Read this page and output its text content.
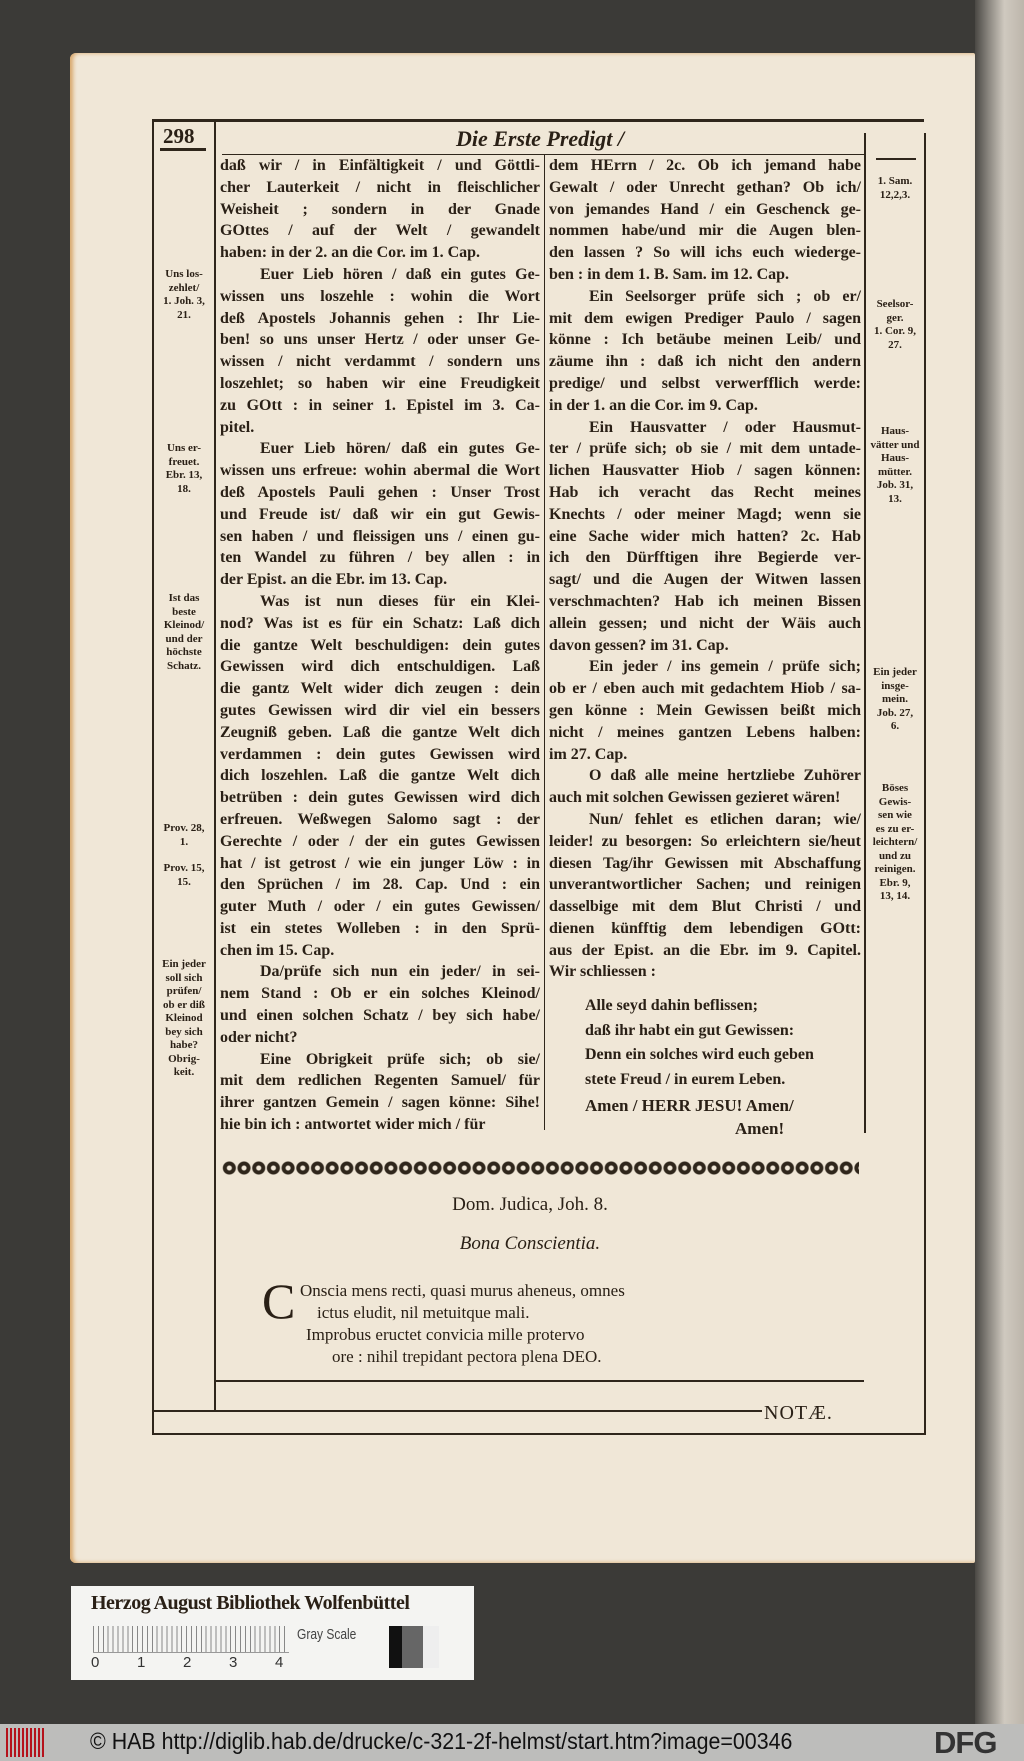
298	Die Erste Predigt /
daß wir / in Einfältigkeit / und Göttli-
cher Lauterkeit / nicht in fleischlicher
Weisheit ; sondern in der Gnade
GOttes / auf der Welt / gewandelt
haben: in der 2. an die Cor. im 1. Cap.
Euer Lieb hören / daß ein gutes Ge-
wissen uns loszehle : wohin die Wort
deß Apostels Johannis gehen : Ihr Lie-
ben! so uns unser Hertz / oder unser Ge-
wissen / nicht verdammt / sondern uns
loszehlet; so haben wir eine Freudigkeit
zu GOtt : in seiner 1. Epistel im 3. Ca-
pitel.
Euer Lieb hören/ daß ein gutes Ge-
wissen uns erfreue: wohin abermal die Wort
deß Apostels Pauli gehen : Unser Trost
und Freude ist/ daß wir ein gut Gewis-
sen haben / und fleissigen uns / einen gu-
ten Wandel zu führen / bey allen : in
der Epist. an die Ebr. im 13. Cap.
Was ist nun dieses für ein Klei-
nod? Was ist es für ein Schatz: Laß dich
die gantze Welt beschuldigen: dein gutes
Gewissen wird dich entschuldigen. Laß
die gantz Welt wider dich zeugen : dein
gutes Gewissen wird dir viel ein bessers
Zeugniß geben. Laß die gantze Welt dich
verdammen : dein gutes Gewissen wird
dich loszehlen. Laß die gantze Welt dich
betrüben : dein gutes Gewissen wird dich
erfreuen. Weßwegen Salomo sagt : der
Gerechte / oder / der ein gutes Gewissen
hat / ist getrost / wie ein junger Löw : in
den Sprüchen / im 28. Cap. Und : ein
guter Muth / oder / ein gutes Gewissen/
ist ein stetes Wolleben : in den Sprü-
chen im 15. Cap.
Da/prüfe sich nun ein jeder/ in sei-
nem Stand : Ob er ein solches Kleinod/
und einen solchen Schatz / bey sich habe/
oder nicht?
Eine Obrigkeit prüfe sich; ob sie/
mit dem redlichen Regenten Samuel/ für
ihrer gantzen Gemein / sagen könne: Sihe!
hie bin ich : antwortet wider mich / für
dem HErrn / 2c. Ob ich jemand habe
Gewalt / oder Unrecht gethan? Ob ich/
von jemandes Hand / ein Geschenck ge-
nommen habe/und mir die Augen blen-
den lassen ? So will ichs euch wiederge-
ben : in dem 1. B. Sam. im 12. Cap.
Ein Seelsorger prüfe sich ; ob er/
mit dem ewigen Prediger Paulo / sagen
könne : Ich betäube meinen Leib/ und
zäume ihn : daß ich nicht den andern
predige/ und selbst verwerfflich werde:
in der 1. an die Cor. im 9. Cap.
Ein Hausvatter / oder Hausmut-
ter / prüfe sich; ob sie / mit dem untade-
lichen Hausvatter Hiob / sagen können:
Hab ich veracht das Recht meines
Knechts / oder meiner Magd; wenn sie
eine Sache wider mich hatten? 2c. Hab
ich den Dürfftigen ihre Begierde ver-
sagt/ und die Augen der Witwen lassen
verschmachten? Hab ich meinen Bissen
allein gessen; und nicht der Wäis auch
davon gessen? im 31. Cap.
Ein jeder / ins gemein / prüfe sich;
ob er / eben auch mit gedachtem Hiob / sa-
gen könne : Mein Gewissen beißt mich
nicht / meines gantzen Lebens halben:
im 27. Cap.
O daß alle meine hertzliebe Zuhörer
auch mit solchen Gewissen gezieret wären!
Nun/ fehlet es etlichen daran; wie/
leider! zu besorgen: So erleichtern sie/heut
diesen Tag/ihr Gewissen mit Abschaffung
unverantwortlicher Sachen; und reinigen
dasselbige mit dem Blut Christi / und
dienen künfftig dem lebendigen GOtt:
aus der Epist. an die Ebr. im 9. Capitel.
Wir schliessen :
Alle seyd dahin beflissen;
daß ihr habt ein gut Gewissen:
Denn ein solches wird euch geben
stete Freud / in eurem Leben.
Amen / HERR JESU! Amen/
Amen!
Uns los-
zehlet/
1. Joh. 3,
21.
Uns er-
freuet.
Ebr. 13,
18.
Ist das
beste
Kleinod/
und der
höchste
Schatz.
Prov. 28,
1.
Prov. 15,
15.
Ein jeder
soll sich
prüfen/
ob er diß
Kleinod
bey sich
habe?
Obrig-
keit.
1. Sam.
12,2,3.
Seelsor-
ger.
1. Cor. 9,
27.
Haus-
vätter und
Haus-
mütter.
Job. 31,
13.
Ein jeder
insge-
mein.
Job. 27,
6.
Böses
Gewis-
sen wie
es zu er-
leichtern/
und zu
reinigen.
Ebr. 9,
13, 14.
Dom. Judica, Joh. 8.
Bona Conscientia.
C Onscia mens recti, quasi murus aheneus, omnes
ictus eludit, nil metuitque mali.
Improbus eructet convicia mille protervo
ore : nihil trepidant pectora plena DEO.
NOTÆ.
Herzog August Bibliothek Wolfenbüttel
0	1	2	3	4
Gray Scale
© HAB http://diglib.hab.de/drucke/c-321-2f-helmst/start.htm?image=00346	DFG
